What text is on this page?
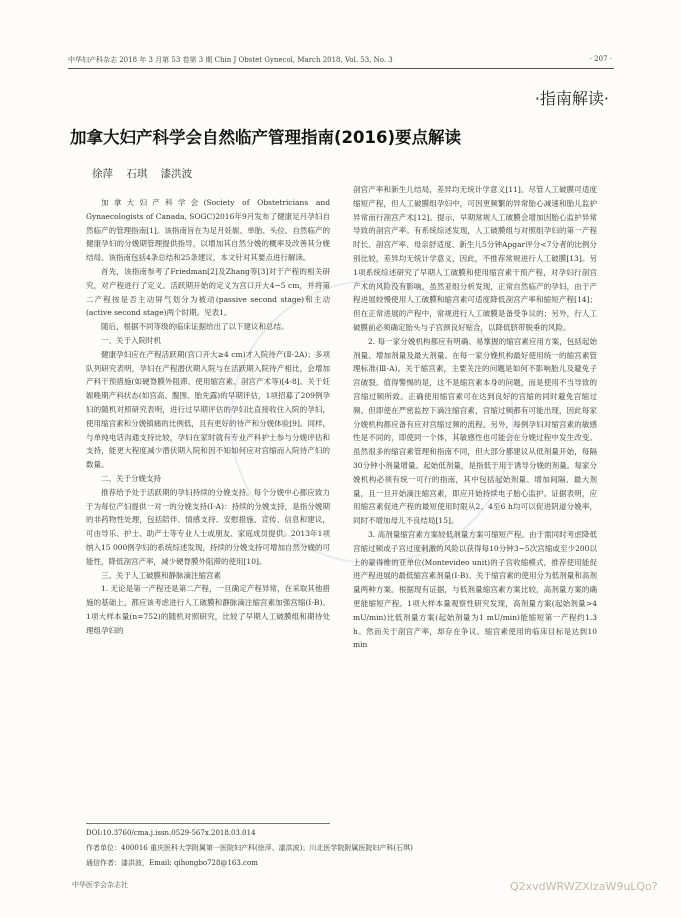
中华妇产科杂志 2018 年 3 月第 53 卷第 3 期 Chin J Obstet Gynecol, March 2018, Vol. 53, No. 3	· 207 ·
·指南解读·
加拿大妇产科学会自然临产管理指南(2016)要点解读
徐萍 石琪 漆洪波

加拿大妇产科学会(Society of Obstetricians and Gynaecologists of Canada, SOGC)2016年9月发布了健康足月孕妇自然临产的管理指南[1]。该指南旨在为足月妊娠、单胎、头位、自然临产的健康孕妇的分娩期管理提供指导，以增加其自然分娩的概率及改善其分娩结局。该指南包括4条总结和25条建议，本文针对其要点进行解读。

首先，该指南参考了Friedman[2]及Zhang等[3]对于产程的相关研究，对产程进行了定义。活跃期开始的定义为宫口开大4~5 cm，并将第二产程按是否主动屏气划分为被动(passive second stage)和主动(active second stage)两个时期。见表1。

随后，根据不同等级的临床证据给出了以下建议和总结。

一、关于入院时机

健康孕妇应在产程活跃期(宫口开大≥4 cm)才入院待产(Ⅱ-2A)；多项队列研究表明，孕妇在产程潜伏期入院与在活跃期入院待产相比，会增加产科干预措施(如硬脊膜外阻滞、使用缩宫素、剖宫产术等)[4-8]。关于妊娠晚期产科状态(如宫高、腹围、胎先露)的早期评估，1项招募了209例孕妇的随机对照研究表明，进行过早期评估的孕妇比直接收住入院的孕妇，使用缩宫素和分娩镇痛的比例低，且有更好的待产和分娩体验[9]。同样，与单纯电话沟通支持比较，孕妇在家时就有专业产科护士参与分娩评估和支持，能更大程度减少潜伏期入院和因不知如何应对宫缩而入院待产妇的数量。

二、关于分娩支持

推荐给予处于活跃期的孕妇持续的分娩支持。每个分娩中心都应致力于为每位产妇提供一对一的分娩支持(Ⅰ-A)：持续的分娩支持，是指分娩期的非药物性处理，包括陪伴、情感支持、安慰措施、宣传、信息和建议，可由导乐、护士、助产士等专业人士或朋友、家庭成员提供。2013年1项纳入15 000例孕妇的系统综述发现，持续的分娩支持可增加自然分娩的可能性，降低剖宫产率，减少硬脊膜外阻滞的使用[10]。

三、关于人工破膜和静脉滴注缩宫素

1. 无论是第一产程还是第二产程，一旦确定产程异常，在采取其他措施的基础上，都应该考虑进行人工破膜和静脉滴注缩宫素加强宫缩(Ⅰ-B)。1项大样本量(n=752)的随机对照研究，比较了早期人工破膜组和期待处理组孕妇的

剖宫产率和新生儿结局，差异均无统计学意义[11]。尽管人工破膜可适度缩短产程，但人工破膜组孕妇中，可因更频繁的异常胎心减速和胎儿监护异常而行剖宫产术[12]。提示，早期常规人工破膜会增加因胎心监护异常导致的剖宫产率。有系统综述发现，人工破膜组与对照组孕妇的第一产程时长、剖宫产率、母亲舒适度、新生儿5分钟Apgar评分<7分者的比例分别比较，差异均无统计学意义，因此，不推荐常规进行人工破膜[13]。另1项系统综述研究了早期人工破膜和使用缩宫素干预产程，对孕妇行剖宫产术的风险没有影响。虽然亚组分析发现，正常自然临产的孕妇，由于产程进展较慢使用人工破膜和缩宫素可适度降低剖宫产率和缩短产程[14]；但在正常进展的产程中，常规进行人工破膜是备受争议的；另外，行人工破膜前必须确定胎头与子宫颈良好贴合，以降低脐带脱垂的风险。

2. 每一家分娩机构都应有明确、易掌握的缩宫素应用方案，包括起始剂量、增加剂量及最大剂量。在每一家分娩机构最好使用统一的缩宫素管理标准(Ⅲ-A)。关于缩宫素，主要关注的问题是如何不影响胎儿及避免子宫破裂。值得警惕的是，这不是缩宫素本身的问题，而是使用不当导致的宫缩过频所致。正确使用缩宫素可在达到良好的宫缩的同时避免宫缩过频。但即使在严密监控下滴注缩宫素，宫缩过频都有可能出现，因此每家分娩机构都应备有应对宫缩过频的流程。另外，每例孕妇对缩宫素的敏感性是不同的，即使同一个体，其敏感性也可能会在分娩过程中发生改变。虽然很多的缩宫素管理和指南不同，但大部分都建议从低剂量开始，每隔30分钟小剂量增量。起始低剂量，是指低于用于诱导分娩的剂量。每家分娩机构必须有统一可行的指南，其中包括起始剂量、增加间隔、最大剂量，且一旦开始滴注缩宫素，即应开始持续电子胎心监护。证据表明，应用缩宫素促进产程的最短使用时限从2、4至6 h均可以促进阴道分娩率，同时不增加母儿不良结局[15]。

3. 高剂量缩宫素方案较低剂量方案可缩短产程。由于需同时考虑降低宫缩过频或子宫过度刺激的风险以获得每10分钟3~5次宫缩或至少200以上的蒙得维的亚单位(Montevideo unit)的子宫收缩模式，推荐使用能促进产程进展的最低缩宫素剂量(Ⅰ-B)。关于缩宫素的使用分为低剂量和高剂量两种方案。根据现有证据，与低剂量缩宫素方案比较，高剂量方案的确更能缩短产程。1项大样本量观察性研究发现，高剂量方案(起始剂量>4 mU/min)比低剂量方案(起始剂量为1 mU/min)能缩短第一产程约1.3 h。然而关于剖宫产率，却存在争议。缩宫素使用的临床目标是达到10 min

DOI:10.3760/cma.j.issn.0529-567x.2018.03.014
作者单位：400016 重庆医科大学附属第一医院妇产科(徐萍、漆洪波)；川北医学院附属医院妇产科(石琪)
通信作者：漆洪波，Email: qihongbo728@163.com
中华医学会杂志社	Q2xvdWRWZXIzaW9uLQo?
